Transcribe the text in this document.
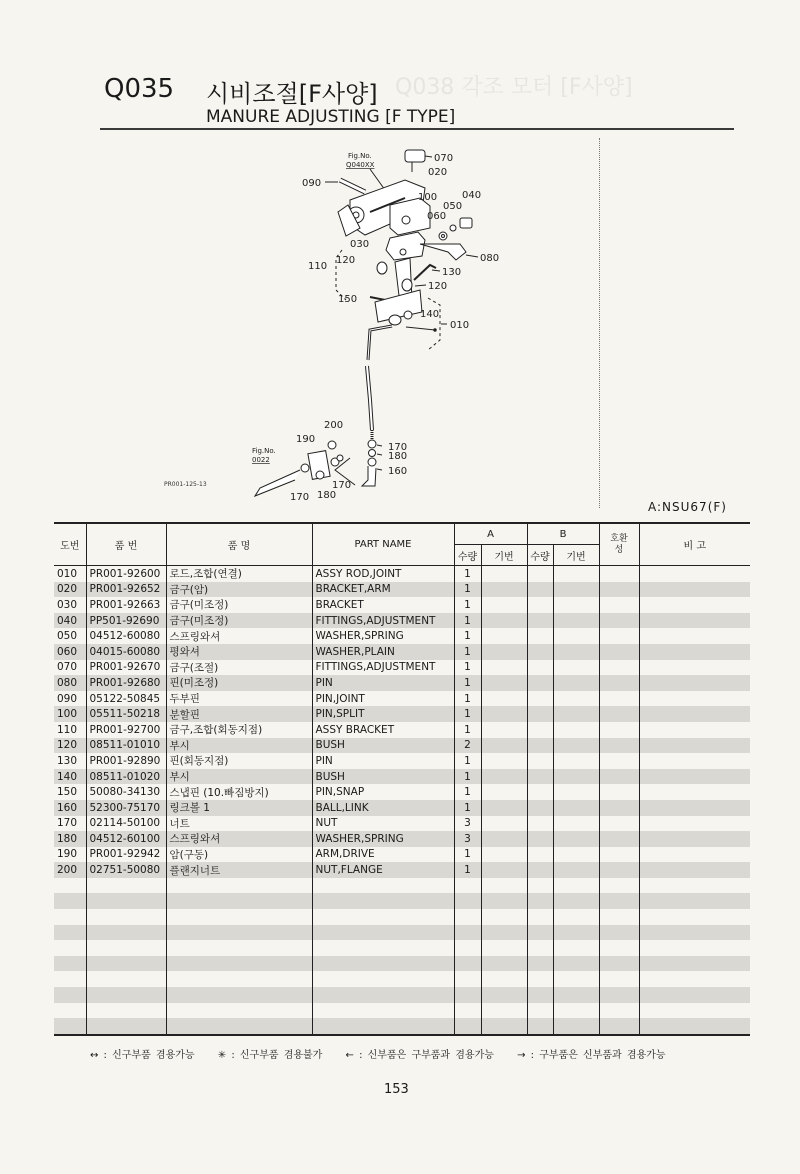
Q038 각조 모터 [F사양]
Q035 시비조절[F사양]
MANURE ADJUSTING [F TYPE]
Fig.No.
Q040XX
Fig.No.
0022
070
020
090
100 040
050
060
030
080
120
110
130
120
150
140
010
200
190
170
180
160
170
170 180
PR001-125-13
A:NSU67(F)
도번	품 번	품 명	PART NAME	A		B		호환성	비 고
				수량	기번	수량	기번		
010	PR001-92600	로드,조합(연결)	ASSY ROD,JOINT	1					
020	PR001-92652	금구(암)	BRACKET,ARM	1					
030	PR001-92663	금구(미조정)	BRACKET	1					
040	PP501-92690	금구(미조정)	FITTINGS,ADJUSTMENT	1					
050	04512-60080	스프링와셔	WASHER,SPRING	1					
060	04015-60080	평와셔	WASHER,PLAIN	1					
070	PR001-92670	금구(조절)	FITTINGS,ADJUSTMENT	1					
080	PR001-92680	핀(미조정)	PIN	1					
090	05122-50845	두부핀	PIN,JOINT	1					
100	05511-50218	분할핀	PIN,SPLIT	1					
110	PR001-92700	금구,조합(회동지점)	ASSY BRACKET	1					
120	08511-01010	부시	BUSH	2					
130	PR001-92890	핀(회동지점)	PIN	1					
140	08511-01020	부시	BUSH	1					
150	50080-34130	스냅핀 (10.빠짐방지)	PIN,SNAP	1					
160	52300-75170	링크볼 1	BALL,LINK	1					
170	02114-50100	너트	NUT	3					
180	04512-60100	스프링와셔	WASHER,SPRING	3					
190	PR001-92942	암(구동)	ARM,DRIVE	1					
200	02751-50080	플랜지너트	NUT,FLANGE	1					

↔ : 신구부품 겸용가능 ✳ : 신구부품 겸용불가 ← : 신부품은 구부품과 겸용가능 → : 구부품은 신부품과 겸용가능
153
